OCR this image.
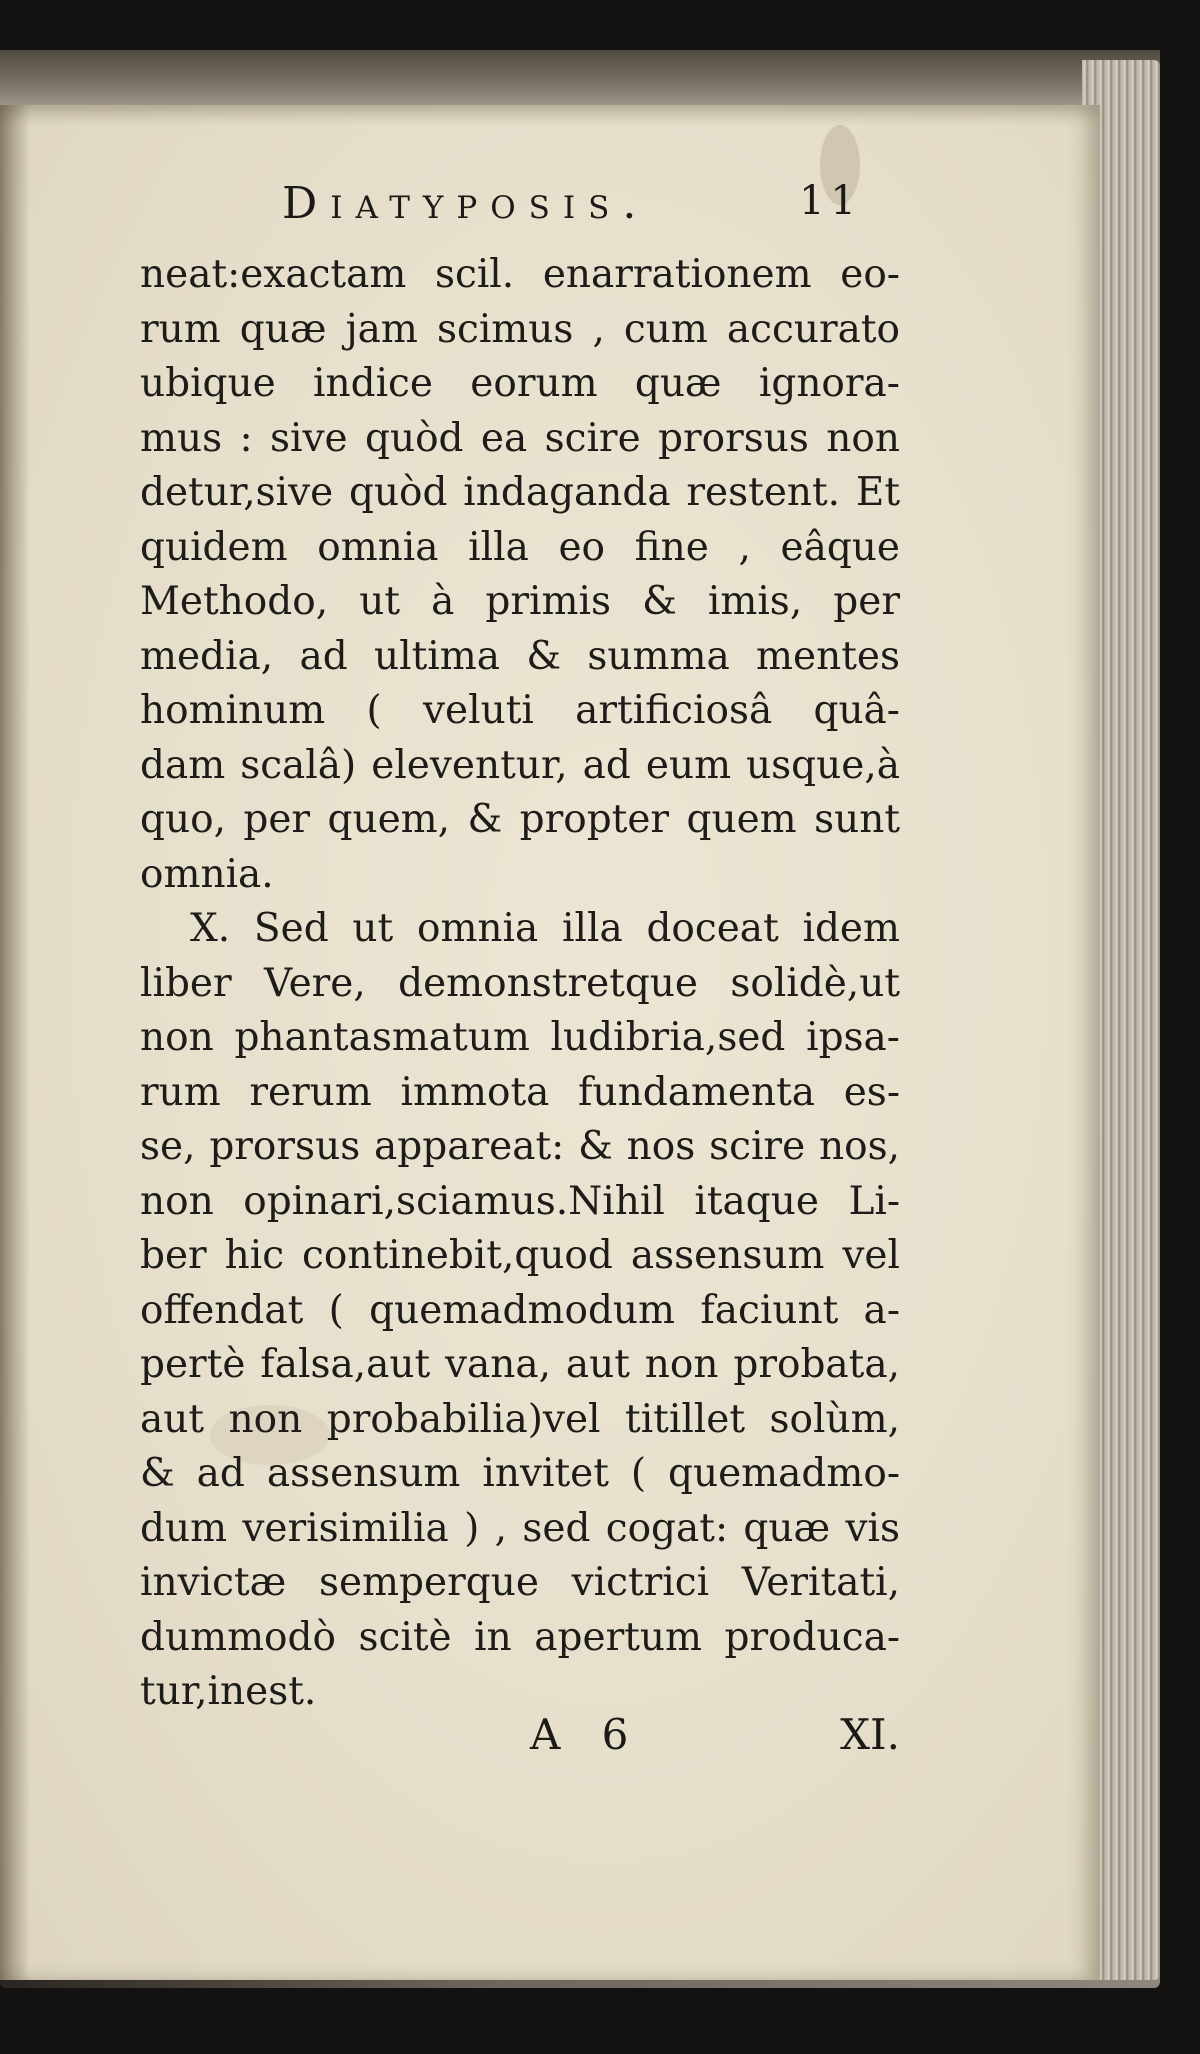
Diatyposis.	11
neat:exactam scil. enarrationem eo-
rum quæ jam scimus , cum accurato
ubique indice eorum quæ ignora-
mus : sive quòd ea scire prorsus non
detur,sive quòd indaganda restent. Et
quidem omnia illa eo fine , eâque
Methodo, ut à primis & imis, per
media, ad ultima & summa mentes
hominum ( veluti artificiosâ quâ-
dam scalâ) eleventur, ad eum usque,à
quo, per quem, & propter quem sunt
omnia.
X. Sed ut omnia illa doceat idem
liber Vere, demonstretque solidè,ut
non phantasmatum ludibria,sed ipsa-
rum rerum immota fundamenta es-
se, prorsus appareat: & nos scire nos,
non opinari,sciamus.Nihil itaque Li-
ber hic continebit,quod assensum vel
offendat ( quemadmodum faciunt a-
pertè falsa,aut vana, aut non probata,
aut non probabilia)vel titillet solùm,
& ad assensum invitet ( quemadmo-
dum verisimilia ) , sed cogat: quæ vis
invictæ semperque victrici Veritati,
dummodò scitè in apertum produca-
tur,inest.
A 6	XI.
